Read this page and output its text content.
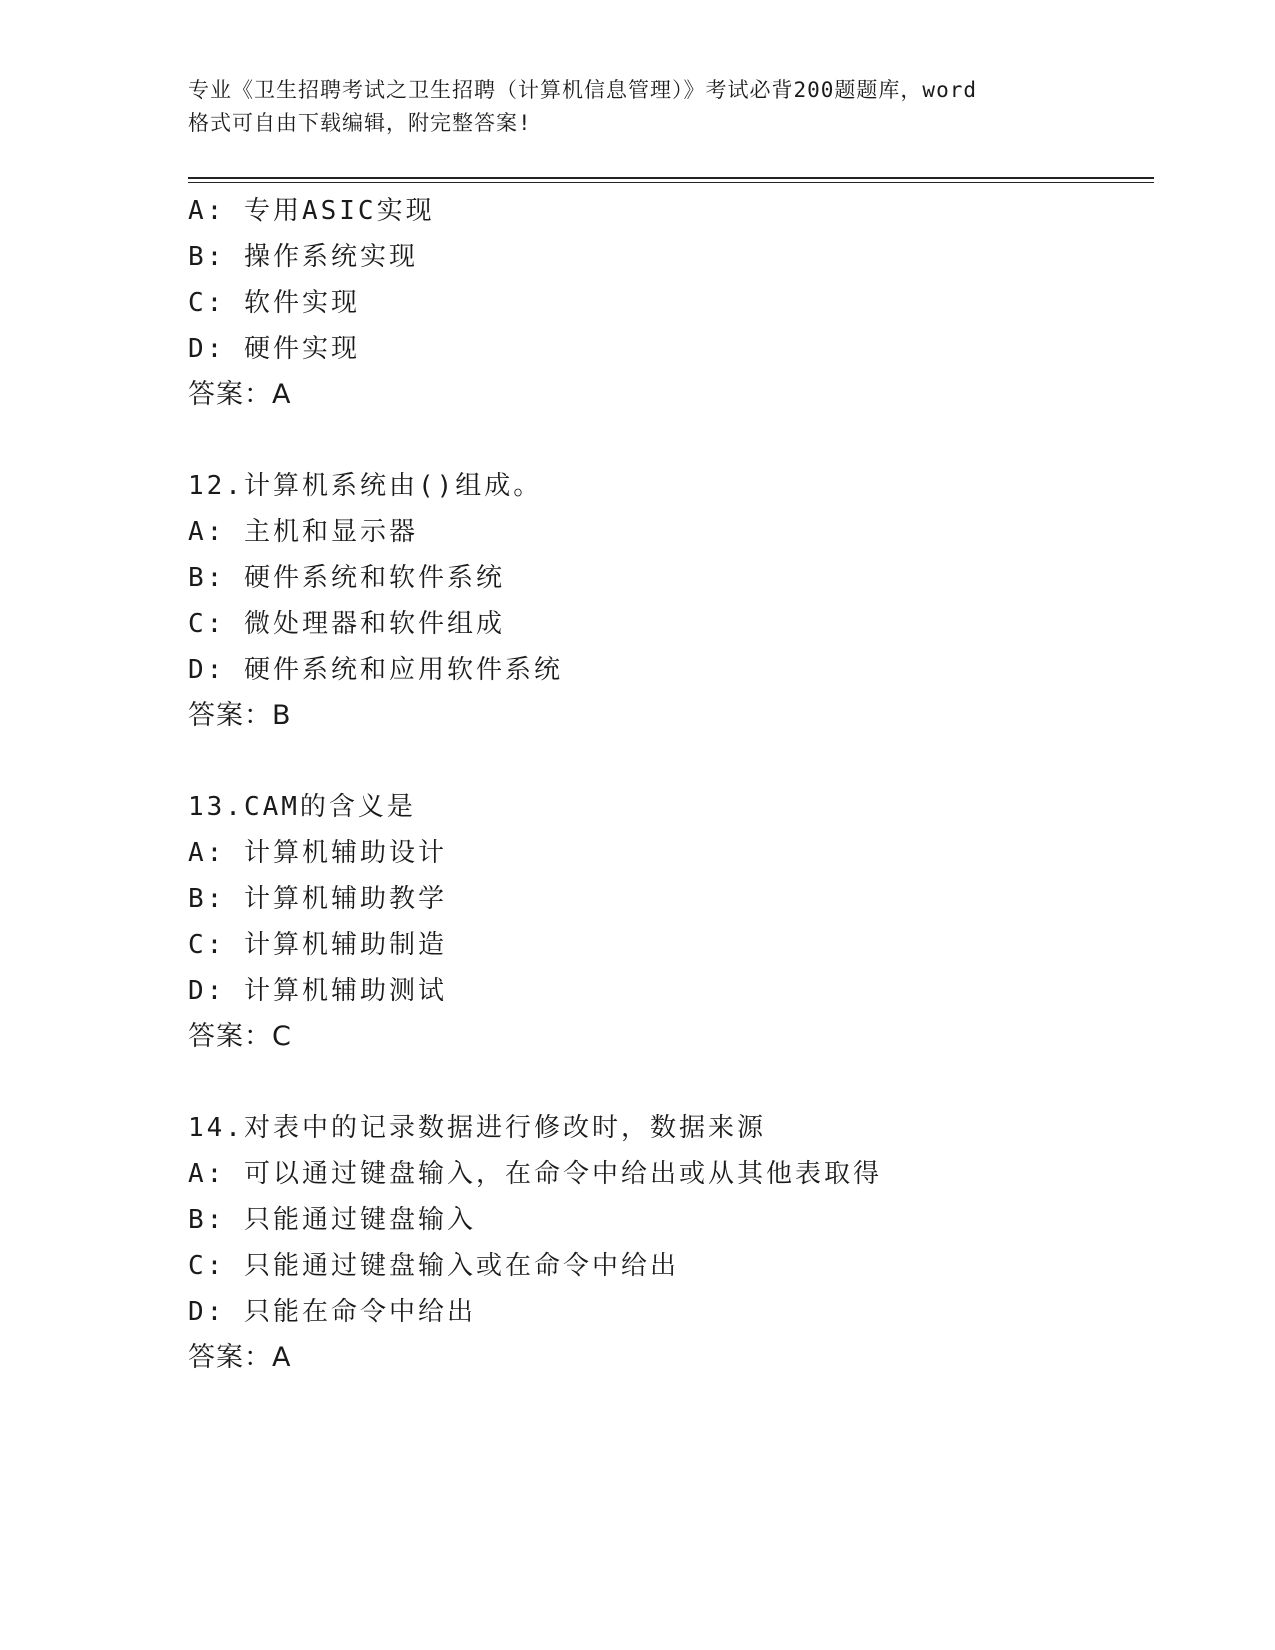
专业《卫生招聘考试之卫生招聘（计算机信息管理）》考试必背200题题库，word
格式可自由下载编辑，附完整答案!
A: 专用ASIC实现
B: 操作系统实现
C: 软件实现
D: 硬件实现
答案：A
12.计算机系统由()组成。
A: 主机和显示器
B: 硬件系统和软件系统
C: 微处理器和软件组成
D: 硬件系统和应用软件系统
答案：B
13.CAM的含义是
A: 计算机辅助设计
B: 计算机辅助教学
C: 计算机辅助制造
D: 计算机辅助测试
答案：C
14.对表中的记录数据进行修改时，数据来源
A: 可以通过键盘输入，在命令中给出或从其他表取得
B: 只能通过键盘输入
C: 只能通过键盘输入或在命令中给出
D: 只能在命令中给出
答案：A
